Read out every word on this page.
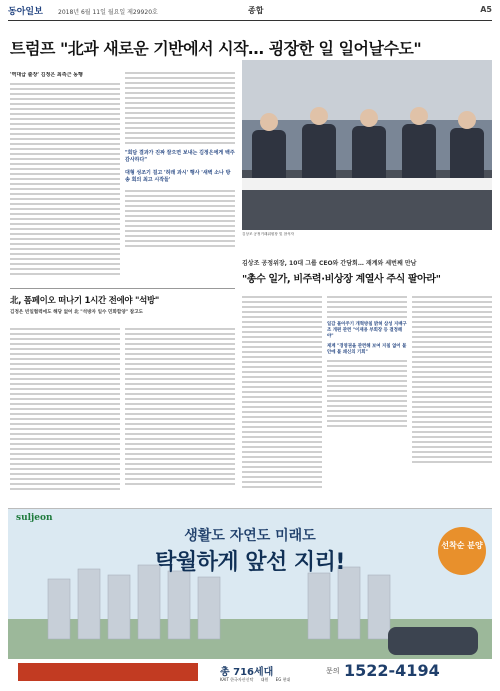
동아일보	2018년 6월 11일 월요일 제29920호	종합	A5
트럼프 "北과 새로운 기반에서 시작… 굉장한 일 일어날수도"
'역대급 출장' 김정은 최측근 동행
"회담 결과가 진짜 잘으면 보내는 김정은에게 백주 감사하다"
대형 성조기 걸고 '허래 과시' 행사 '새벽 소나 방송 회의 최고 시작들'
김상조 공정거래위원장 및 참석자
김상조 공정위장, 10대 그룹 CEO와 간담회… 재계와 세번째 만남
"총수 일가, 비주력·비상장 계열사 주식 팔아라"
일감 몰아주기 개혁방침 밝혀 삼성 지배구조 개편 관련 "이재용 부회장 등 결정해야"
재계 "경영권을 관련해 보여 지침 없어 불안에 불 쇄신의 기회"
北, 폼페이오 떠나기 1시간 전에야 "석방"
김정은 빈일협력에도 해당 없어 北 "석방자 일수 민화합양" 참고도
suljeon
생활도 자연도 미래도
탁월하게 앞선 지리!
선착순 분양
총 716세대	문의 1522-4194
KAIT 한국자산신탁 대원 EG 현대
